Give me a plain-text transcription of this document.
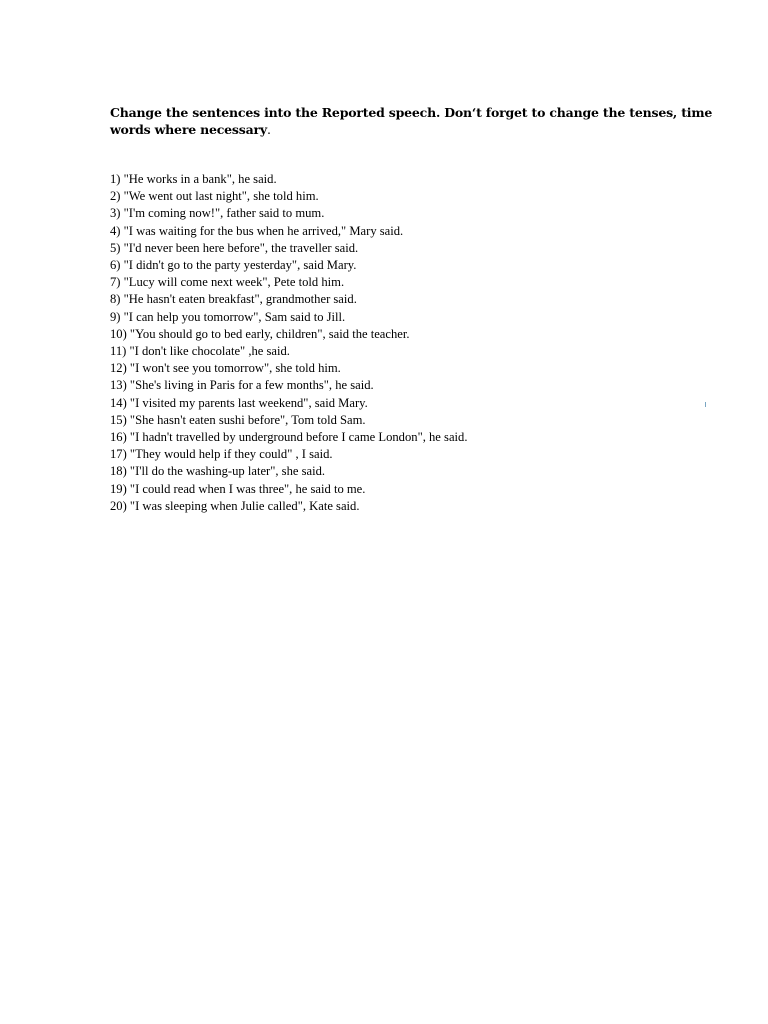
Change the sentences into the Reported speech. Don‘t forget to change the tenses, time words where necessary.
1) "He works in a bank", he said.
2) "We went out last night", she told him.
3) "I'm coming now!", father said to mum.
4) "I was waiting for the bus when he arrived," Mary said.
5) "I'd never been here before", the traveller said.
6) "I didn't go to the party yesterday", said Mary.
7) "Lucy will come next week", Pete told him.
8) "He hasn't eaten breakfast", grandmother said.
9) "I can help you tomorrow", Sam said to Jill.
10) "You should go to bed early, children", said the teacher.
11) "I don't like chocolate" ,he said.
12) "I won't see you tomorrow", she told him.
13) "She's living in Paris for a few months", he said.
14) "I visited my parents last weekend", said Mary.
15) "She hasn't eaten sushi before", Tom told Sam.
16) "I hadn't travelled by underground before I came London", he said.
17) "They would help if they could" , I said.
18) "I'll do the washing-up later", she said.
19) "I could read when I was three", he said to me.
20) "I was sleeping when Julie called", Kate said.
